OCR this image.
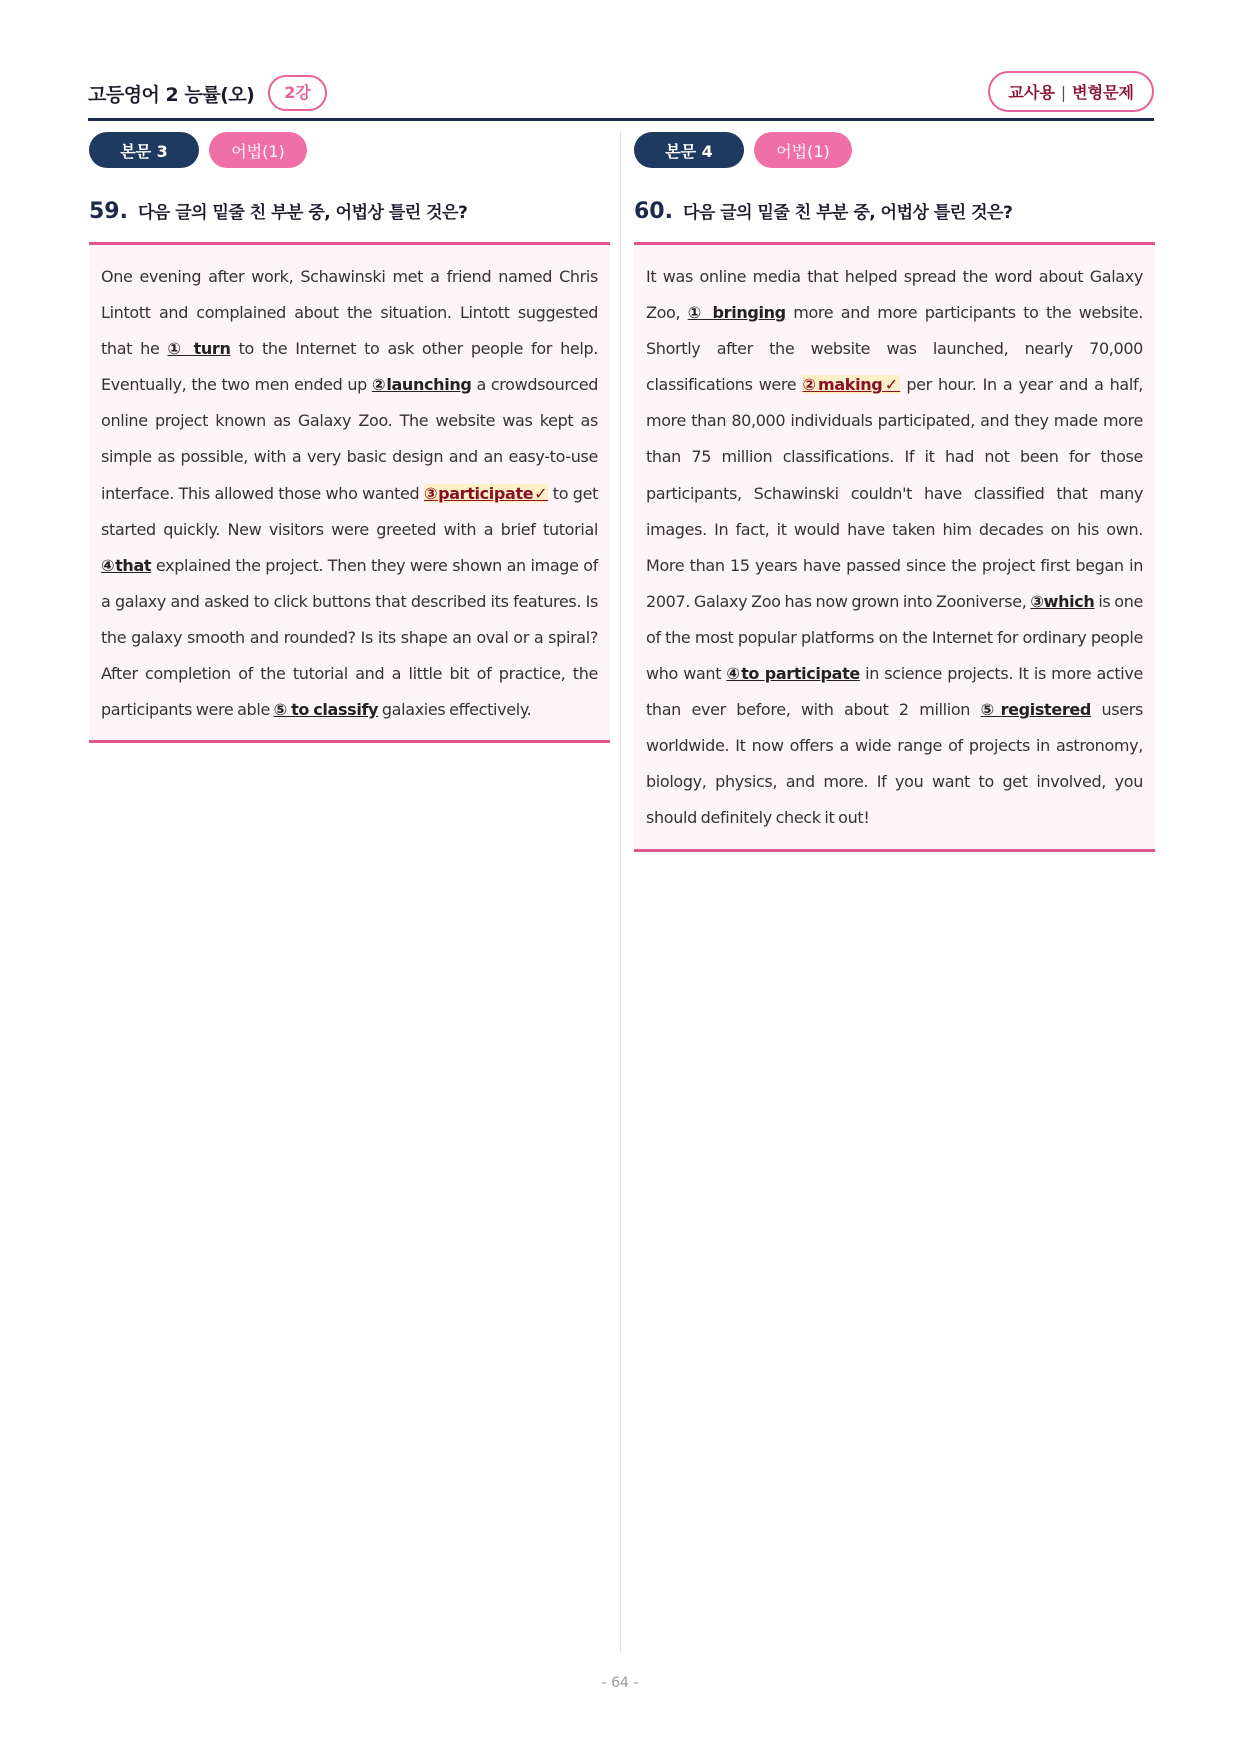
고등영어 2 능률(오)	2강	교사용 | 변형문제
본문 3	어법(1)
59. 다음 글의 밑줄 친 부분 중, 어법상 틀린 것은?

One evening after work, Schawinski met a friend named Chris Lintott and complained about the situation. Lintott suggested that he ① turn to the Internet to ask other people for help. Eventually, the two men ended up ②launching a crowdsourced online project known as Galaxy Zoo. The website was kept as simple as possible, with a very basic design and an easy-to-use interface. This allowed those who wanted ③participate✓ to get started quickly. New visitors were greeted with a brief tutorial ④that explained the project. Then they were shown an image of a galaxy and asked to click buttons that described its features. Is the galaxy smooth and rounded? Is its shape an oval or a spiral? After completion of the tutorial and a little bit of practice, the participants were able ⑤ to classify galaxies effectively.

본문 4	어법(1)
60. 다음 글의 밑줄 친 부분 중, 어법상 틀린 것은?

It was online media that helped spread the word about Galaxy Zoo, ① bringing more and more participants to the website. Shortly after the website was launched, nearly 70,000 classifications were ②making✓ per hour. In a year and a half, more than 80,000 individuals participated, and they made more than 75 million classifications. If it had not been for those participants, Schawinski couldn't have classified that many images. In fact, it would have taken him decades on his own. More than 15 years have passed since the project first began in 2007. Galaxy Zoo has now grown into Zooniverse, ③which is one of the most popular platforms on the Internet for ordinary people who want ④to participate in science projects. It is more active than ever before, with about 2 million ⑤registered users worldwide. It now offers a wide range of projects in astronomy, biology, physics, and more. If you want to get involved, you should definitely check it out!

- 64 -
